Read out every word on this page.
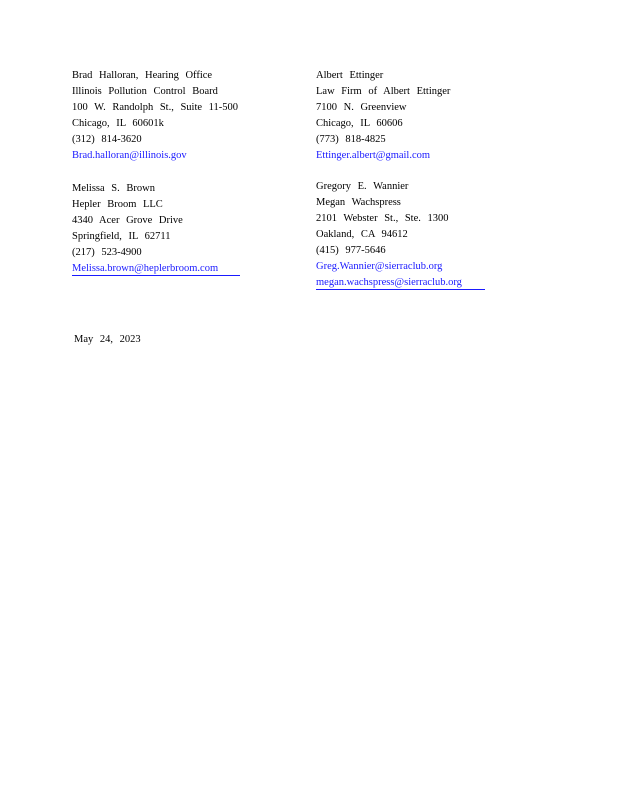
Brad Halloran, Hearing Office
Illinois Pollution Control Board
100 W. Randolph St., Suite 11-500
Chicago, IL 60601k
(312) 814-3620
Brad.halloran@illinois.gov
Albert Ettinger
Law Firm of Albert Ettinger
7100 N. Greenview
Chicago, IL 60606
(773) 818-4825
Ettinger.albert@gmail.com
Melissa S. Brown
Hepler Broom LLC
4340 Acer Grove Drive
Springfield, IL 62711
(217) 523-4900
Melissa.brown@heplerbroom.com
Gregory E. Wannier
Megan Wachspress
2101 Webster St., Ste. 1300
Oakland, CA 94612
(415) 977-5646
Greg.Wannier@sierraclub.org
megan.wachspress@sierraclub.org
May 24, 2023
